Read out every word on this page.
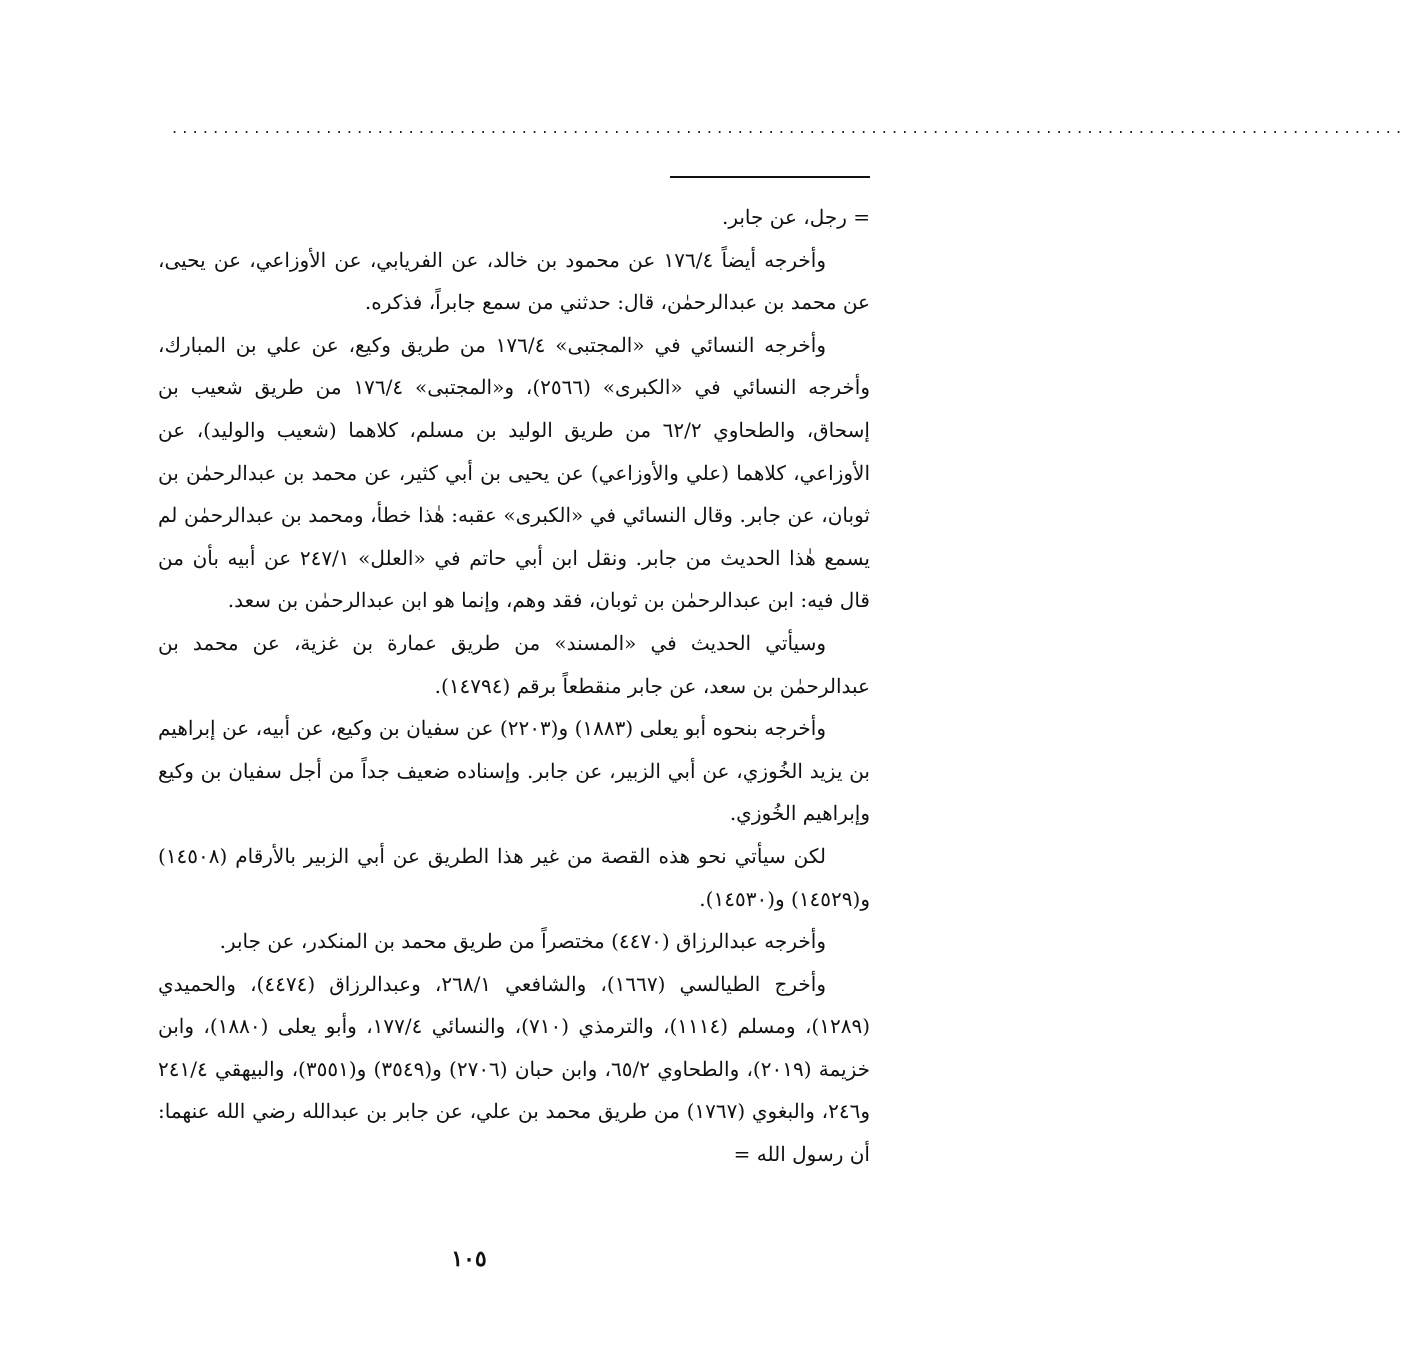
........................................................................................................................

= رجل، عن جابر.

وأخرجه أيضاً ١٧٦/٤ عن محمود بن خالد، عن الفريابي، عن الأوزاعي، عن يحيى، عن محمد بن عبدالرحمٰن، قال: حدثني من سمع جابراً، فذكره.

وأخرجه النسائي في «المجتبى» ١٧٦/٤ من طريق وكيع، عن علي بن المبارك، وأخرجه النسائي في «الكبرى» (٢٥٦٦)، و«المجتبى» ١٧٦/٤ من طريق شعيب بن إسحاق، والطحاوي ٦٢/٢ من طريق الوليد بن مسلم، كلاهما (شعيب والوليد)، عن الأوزاعي، كلاهما (علي والأوزاعي) عن يحيى بن أبي كثير، عن محمد بن عبدالرحمٰن بن ثوبان، عن جابر. وقال النسائي في «الكبرى» عقبه: هٰذا خطأ، ومحمد بن عبدالرحمٰن لم يسمع هٰذا الحديث من جابر. ونقل ابن أبي حاتم في «العلل» ٢٤٧/١ عن أبيه بأن من قال فيه: ابن عبدالرحمٰن بن ثوبان، فقد وهم، وإنما هو ابن عبدالرحمٰن بن سعد.

وسيأتي الحديث في «المسند» من طريق عمارة بن غزية، عن محمد بن عبدالرحمٰن بن سعد، عن جابر منقطعاً برقم (١٤٧٩٤).

وأخرجه بنحوه أبو يعلى (١٨٨٣) و(٢٢٠٣) عن سفيان بن وكيع، عن أبيه، عن إبراهيم بن يزيد الخُوزي، عن أبي الزبير، عن جابر. وإسناده ضعيف جداً من أجل سفيان بن وكيع وإبراهيم الخُوزي.

لكن سيأتي نحو هذه القصة من غير هذا الطريق عن أبي الزبير بالأرقام (١٤٥٠٨) و(١٤٥٢٩) و(١٤٥٣٠).

وأخرجه عبدالرزاق (٤٤٧٠) مختصراً من طريق محمد بن المنكدر، عن جابر.

وأخرج الطيالسي (١٦٦٧)، والشافعي ٢٦٨/١، وعبدالرزاق (٤٤٧٤)، والحميدي (١٢٨٩)، ومسلم (١١١٤)، والترمذي (٧١٠)، والنسائي ١٧٧/٤، وأبو يعلى (١٨٨٠)، وابن خزيمة (٢٠١٩)، والطحاوي ٦٥/٢، وابن حبان (٢٧٠٦) و(٣٥٤٩) و(٣٥٥١)، والبيهقي ٢٤١/٤ و٢٤٦، والبغوي (١٧٦٧) من طريق محمد بن علي، عن جابر بن عبدالله رضي الله عنهما: أن رسول الله =

١٠٥
